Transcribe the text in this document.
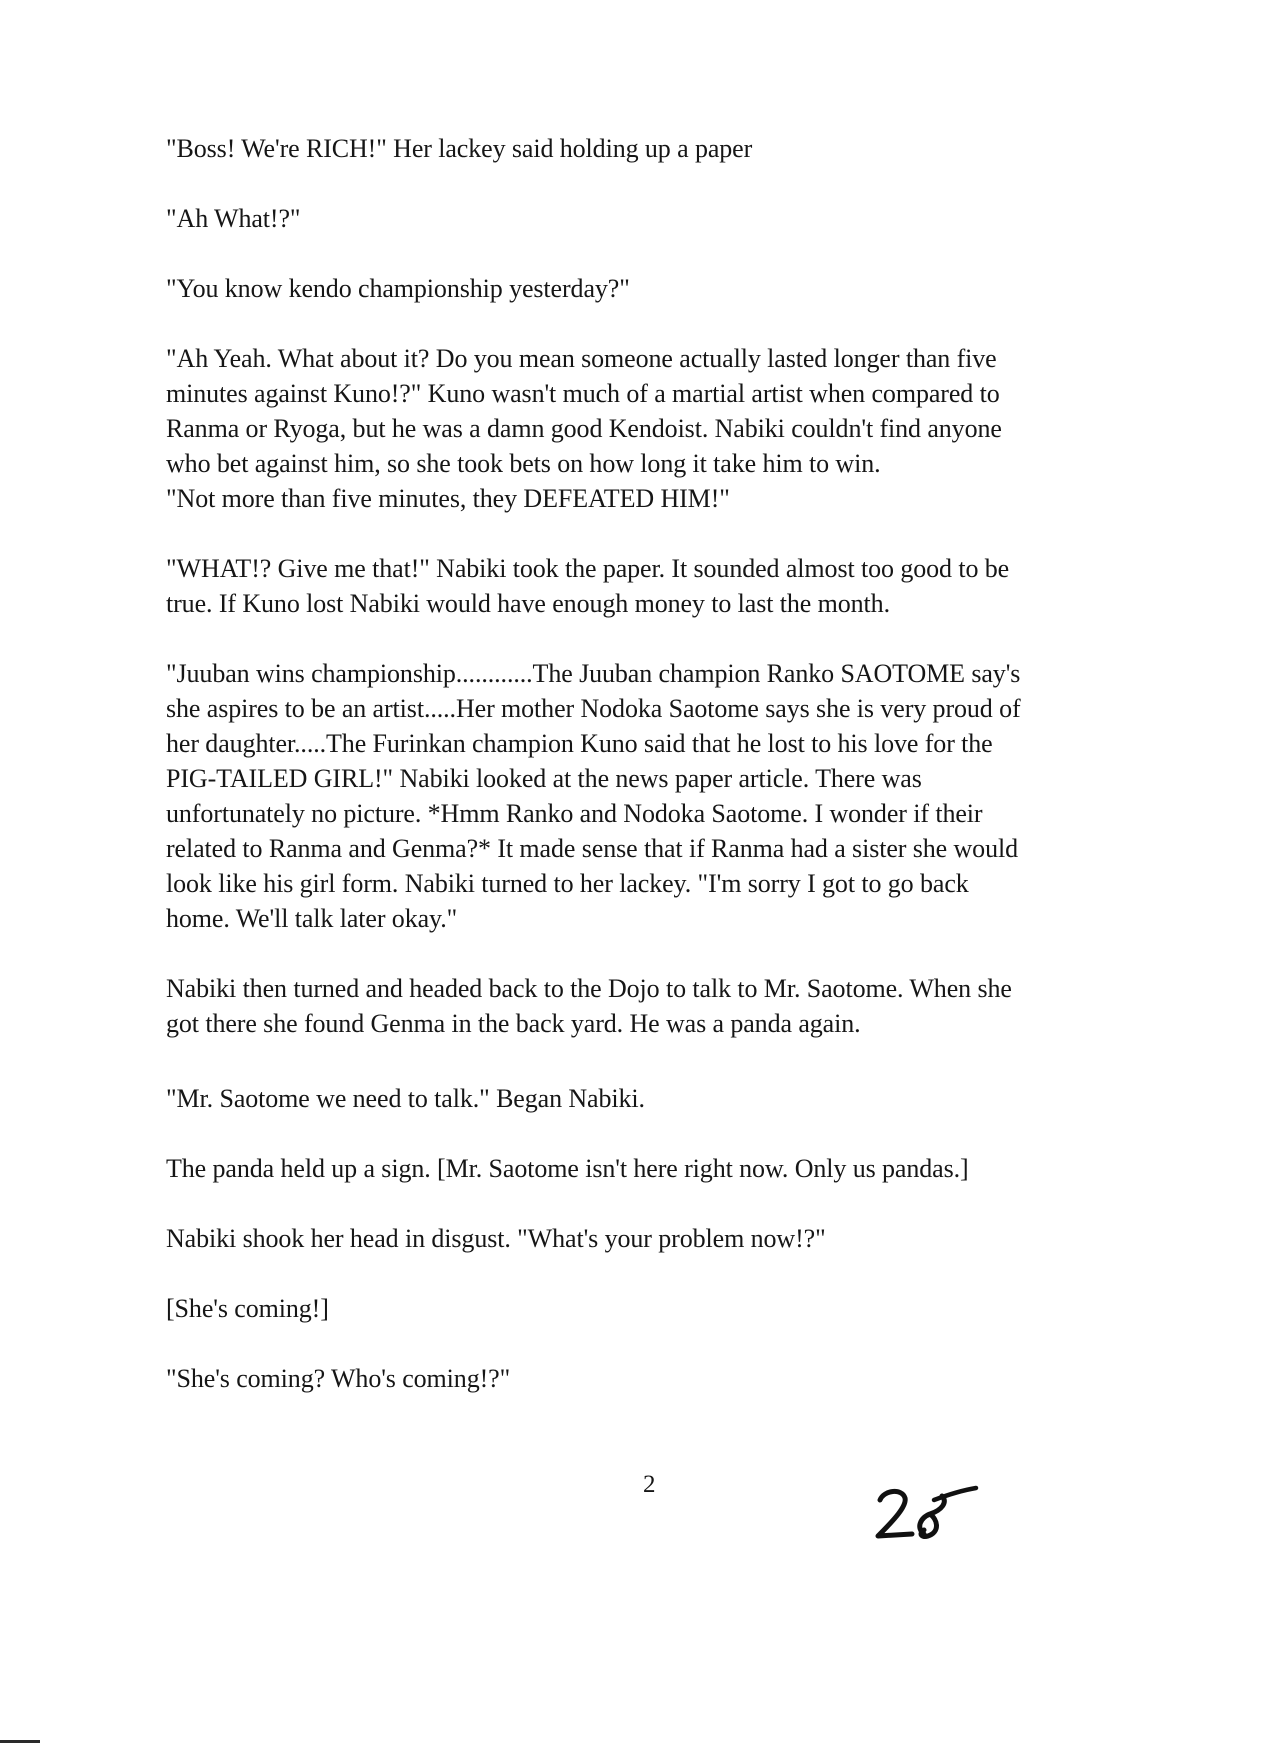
"Boss! We're RICH!" Her lackey said holding up a paper

"Ah What!?"

"You know kendo championship yesterday?"

"Ah Yeah. What about it? Do you mean someone actually lasted longer than five
minutes against Kuno!?" Kuno wasn't much of a martial artist when compared to
Ranma or Ryoga, but he was a damn good Kendoist. Nabiki couldn't find anyone
who bet against him, so she took bets on how long it take him to win.
"Not more than five minutes, they DEFEATED HIM!"

"WHAT!? Give me that!" Nabiki took the paper. It sounded almost too good to be
true. If Kuno lost Nabiki would have enough money to last the month.

"Juuban wins championship............The Juuban champion Ranko SAOTOME say's
she aspires to be an artist.....Her mother Nodoka Saotome says she is very proud of
her daughter.....The Furinkan champion Kuno said that he lost to his love for the
PIG-TAILED GIRL!" Nabiki looked at the news paper article. There was
unfortunately no picture. *Hmm Ranko and Nodoka Saotome. I wonder if their
related to Ranma and Genma?* It made sense that if Ranma had a sister she would
look like his girl form. Nabiki turned to her lackey. "I'm sorry I got to go back
home. We'll talk later okay."

Nabiki then turned and headed back to the Dojo to talk to Mr. Saotome. When she
got there she found Genma in the back yard. He was a panda again.

"Mr. Saotome we need to talk." Began Nabiki.

The panda held up a sign. [Mr. Saotome isn't here right now. Only us pandas.]

Nabiki shook her head in disgust. "What's your problem now!?"

[She's coming!]

"She's coming? Who's coming!?"

2
